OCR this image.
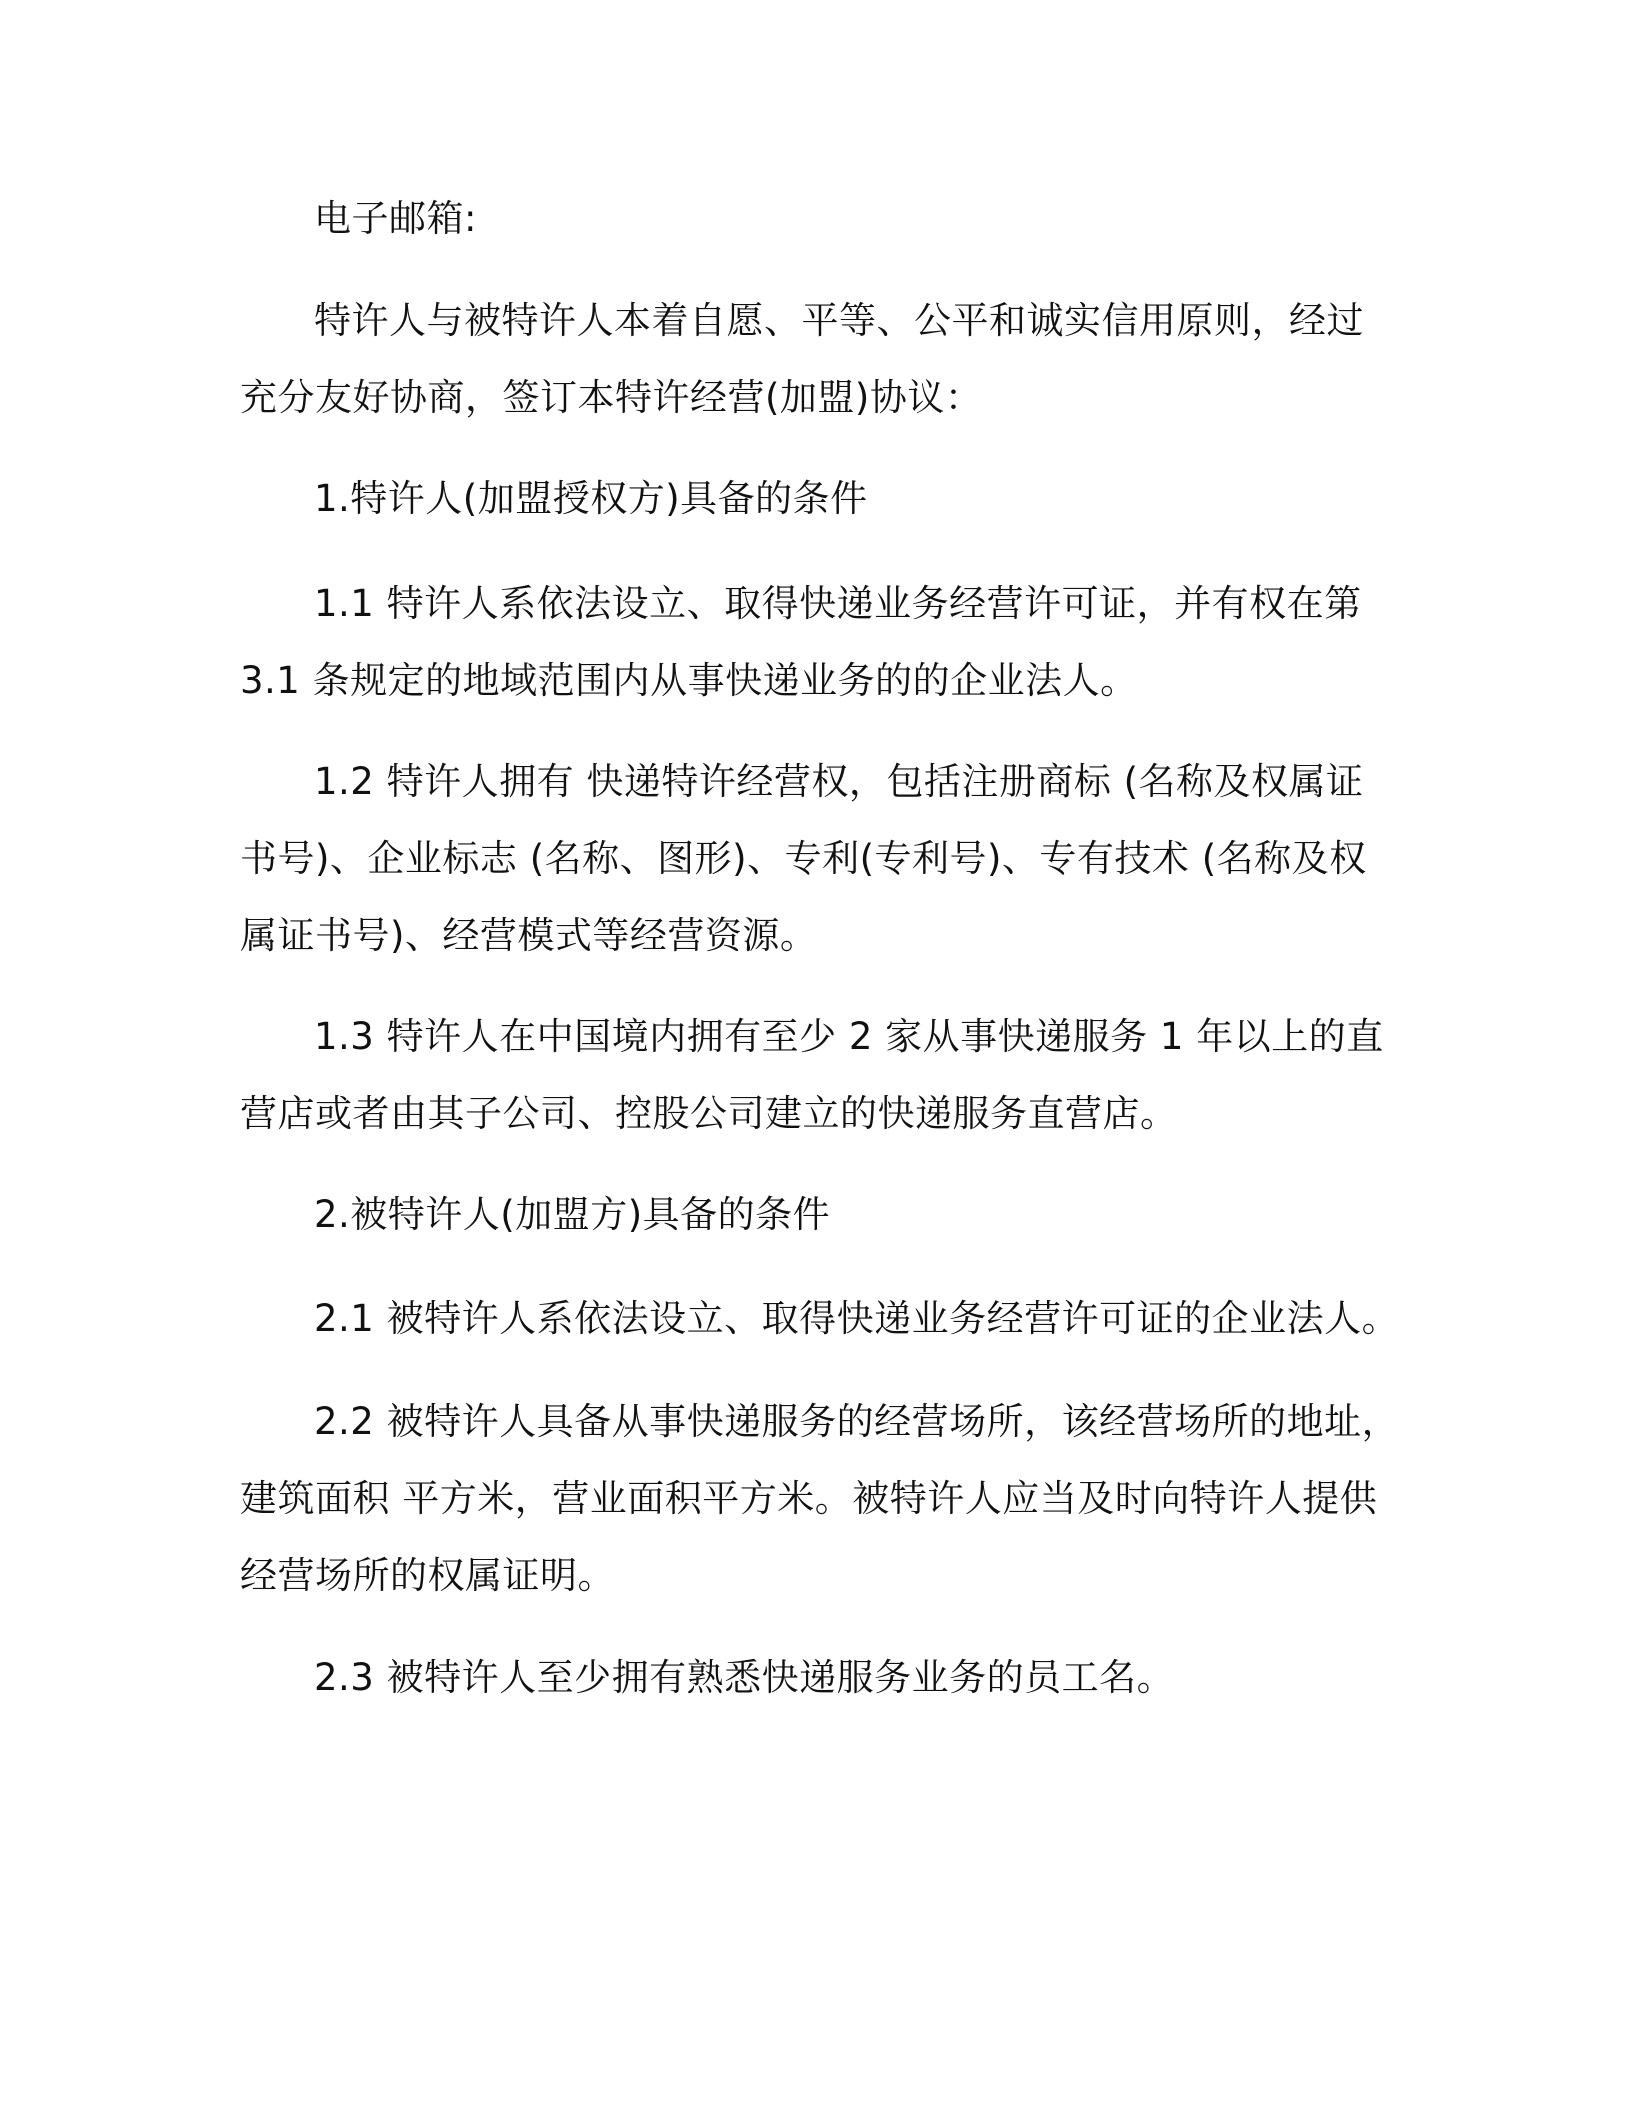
电子邮箱:

特许人与被特许人本着自愿、平等、公平和诚实信用原则，经过充分友好协商，签订本特许经营(加盟)协议：

1.特许人(加盟授权方)具备的条件

1.1 特许人系依法设立、取得快递业务经营许可证，并有权在第 3.1 条规定的地域范围内从事快递业务的的企业法人。

1.2 特许人拥有 快递特许经营权，包括注册商标 (名称及权属证书号)、企业标志 (名称、图形)、专利(专利号)、专有技术 (名称及权属证书号)、经营模式等经营资源。

1.3 特许人在中国境内拥有至少 2 家从事快递服务 1 年以上的直营店或者由其子公司、控股公司建立的快递服务直营店。

2.被特许人(加盟方)具备的条件

2.1 被特许人系依法设立、取得快递业务经营许可证的企业法人。

2.2 被特许人具备从事快递服务的经营场所，该经营场所的地址，建筑面积 平方米，营业面积平方米。被特许人应当及时向特许人提供经营场所的权属证明。

2.3 被特许人至少拥有熟悉快递服务业务的员工名。
